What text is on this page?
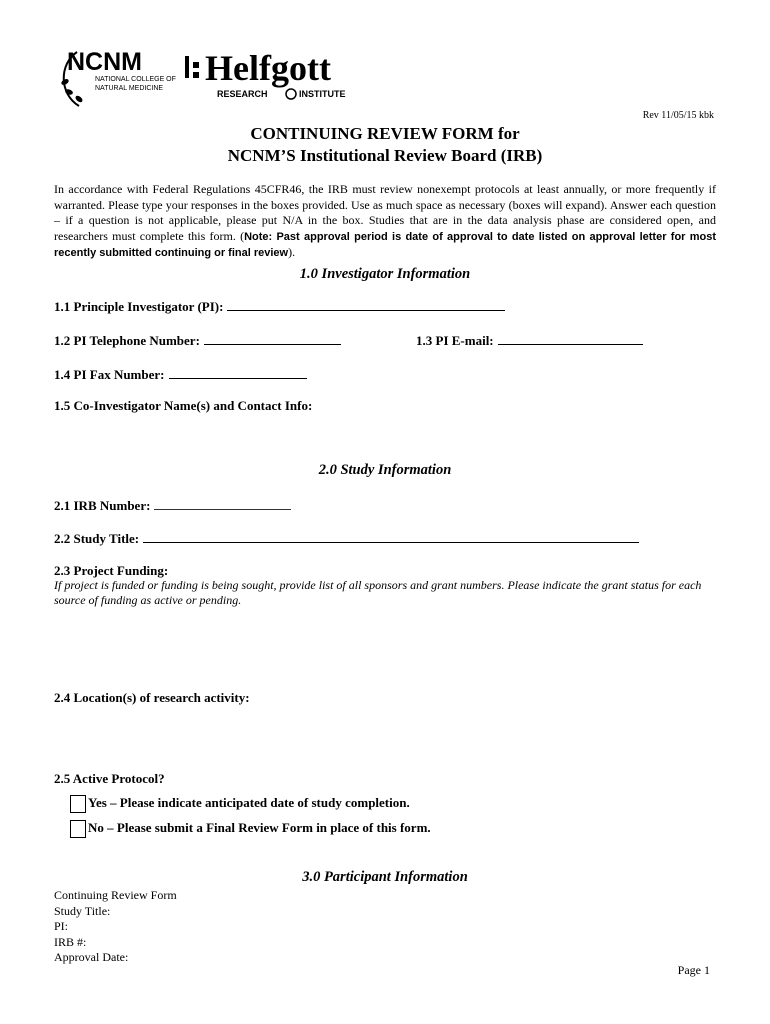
NCNM
NATIONAL COLLEGE OF
NATURAL MEDICINE
Helfgott
RESEARCH	INSTITUTE
Rev 11/05/15 kbk
CONTINUING REVIEW FORM for
NCNM’S Institutional Review Board (IRB)
In accordance with Federal Regulations 45CFR46, the IRB must review nonexempt protocols at least annually, or more frequently if warranted. Please type your responses in the boxes provided. Use as much space as necessary (boxes will expand). Answer each question – if a question is not applicable, please put N/A in the box. Studies that are in the data analysis phase are considered open, and researchers must complete this form. (Note: Past approval period is date of approval to date listed on approval letter for most recently submitted continuing or final review).
1.0 Investigator Information
1.1 Principle Investigator (PI):
1.2 PI Telephone Number:	1.3 PI E-mail:
1.4 PI Fax Number:
1.5 Co-Investigator Name(s) and Contact Info:
2.0 Study Information
2.1 IRB Number:
2.2 Study Title:
2.3 Project Funding:
If project is funded or funding is being sought, provide list of all sponsors and grant numbers. Please indicate the grant status for each source of funding as active or pending.
2.4 Location(s) of research activity:
2.5 Active Protocol?
Yes – Please indicate anticipated date of study completion.
No – Please submit a Final Review Form in place of this form.
3.0 Participant Information
Continuing Review Form
Study Title:
PI:
IRB #:
Approval Date:
Page 1
